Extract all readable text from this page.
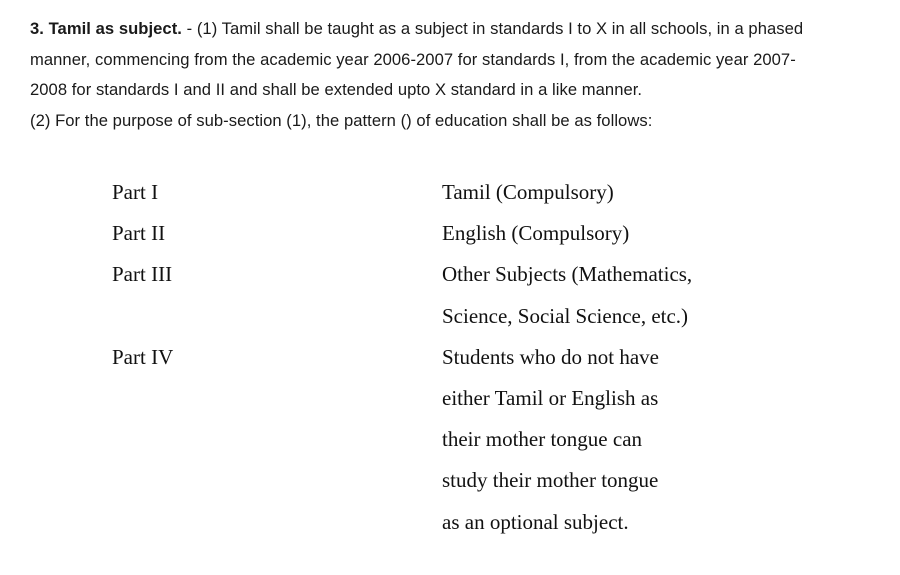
3. Tamil as subject. - (1) Tamil shall be taught as a subject in standards I to X in all schools, in a phased
manner, commencing from the academic year 2006-2007 for standards I, from the academic year 2007-
2008 for standards I and II and shall be extended upto X standard in a like manner.
(2) For the purpose of sub-section (1), the pattern () of education shall be as follows:
Part I	Tamil (Compulsory)
Part II	English (Compulsory)
Part III	Other Subjects (Mathematics,
Science, Social Science, etc.)
Part IV	Students who do not have
either Tamil or English as
their mother tongue can
study their mother tongue
as an optional subject.
